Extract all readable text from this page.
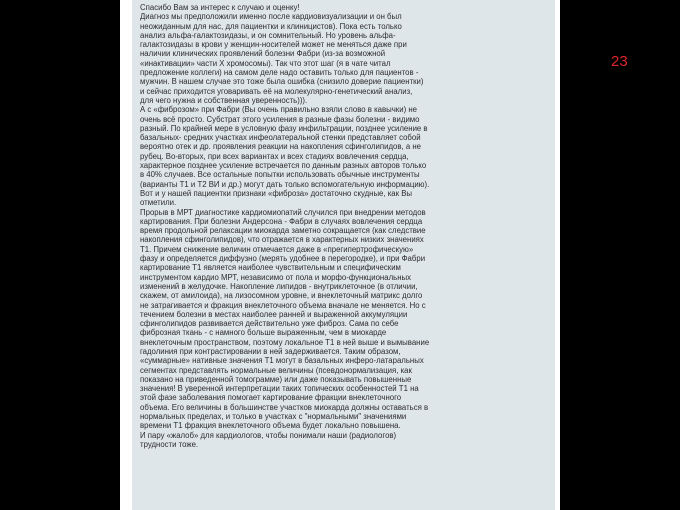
Спасибо Вам за интерес к случаю и оценку!
Диагноз мы предположили именно после кардиовизуализации и он был
неожиданным для нас, для пациентки и клиницистов). Пока есть только
анализ альфа-галактозидазы, и он сомнительный. Но уровень альфа-
галактозидазы в крови у женщин-носителей может не меняться даже при
наличии клинических проявлений болезни Фабри (из-за возможной
«инактивации» части X хромосомы). Так что этот шаг (я в чате читал
предложение коллеги) на самом деле надо оставить только для пациентов -
мужчин. В нашем случае это тоже была ошибка (снизило доверие пациентки)
и сейчас приходится уговаривать её на молекулярно-генетический анализ,
для чего нужна и собственная уверенность))).
А с «фиброзом» при Фабри (Вы очень правильно взяли слово в кавычки) не
очень всё просто. Субстрат этого усиления в разные фазы болезни - видимо
разный. По крайней мере в условную фазу инфильтрации, позднее усиление в
базальных- средних участках инфеолатеральной стенки представляет собой
вероятно отек и др. проявления реакции на накопления сфинголипидов, а не
рубец. Во-вторых, при всех вариантах и всех стадиях вовлечения сердца,
характерное позднее усиление встречается по данным разных авторов только
в 40% случаев. Все остальные попытки использовать обычные инструменты
(варианты Т1 и Т2 ВИ и др.) могут дать только вспомогательную информацию).
Вот и у нашей пациентки признаки «фиброза» достаточно скудные, как Вы
отметили.
Прорыв в МРТ диагностике кардиомиопатий случился при внедрении методов
картирования. При болезни Андерсона - Фабри в случаях вовлечения сердца
время продольной релаксации миокарда заметно сокращается (как следствие
накопления сфинголипидов), что отражается в характерных низких значениях
Т1. Причем снижение величин отмечается даже в «прегипертрофическую»
фазу и определяется диффузно (мерять удобнее в перегородке), и при Фабри
картирование Т1 является наиболее чувствительным и специфическим
инструментом кардио МРТ, независимо от пола и морфо-функциональных
изменений в желудочке. Накопление липидов - внутриклеточное (в отличии,
скажем, от амилоида), на лизосомном уровне, и внеклеточный матрикс долго
не затрагивается и фракция внеклеточного объема вначале не меняется. Но с
течением болезни в местах наиболее ранней и выраженной аккумуляции
сфинголипидов развивается действительно уже фиброз. Сама по себе
фиброзная ткань - с намного больше выраженным, чем в миокарде
внеклеточным пространством, поэтому локальное Т1 в ней выше и вымывание
гадолиния при контрастировании в ней задерживается. Таким образом,
«суммарные» нативные значения Т1 могут в базальных инферо-латаральных
сегментах представлять нормальные величины (псевдонормализация, как
показано на приведенной томограмме) или даже показывать повышенные
значения! В уверенной интерпретации таких топических особенностей Т1 на
этой фазе заболевания помогает картирование фракции внеклеточного
объема. Его величины в большинстве участков миокарда должны оставаться в
нормальных пределах, и только в участках с "нормальными" значениями
времени Т1 фракция внеклеточного объема будет локально повышена.
И пару «жалоб» для кардиологов, чтобы понимали наши (радиологов)
трудности тоже.

23
